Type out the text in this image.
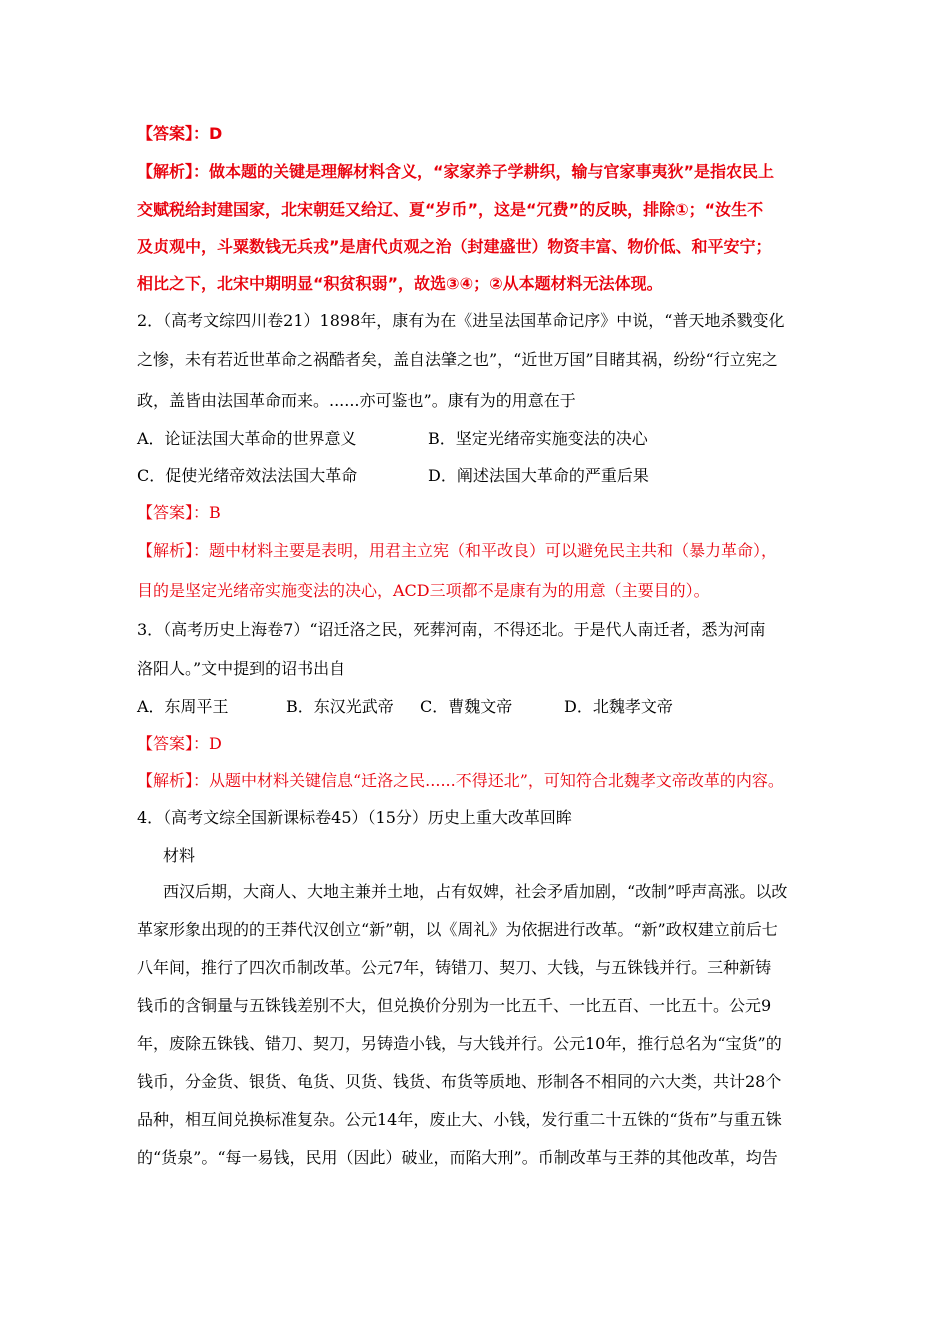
【答案】：D
【解析】：做本题的关键是理解材料含义，“家家养子学耕织，输与官家事夷狄”是指农民上
交赋税给封建国家，北宋朝廷又给辽、夏“岁币”，这是“冗费”的反映，排除①；“汝生不
及贞观中，斗粟数钱无兵戎”是唐代贞观之治（封建盛世）物资丰富、物价低、和平安宁；
相比之下，北宋中期明显“积贫积弱”，故选③④；②从本题材料无法体现。
2．（高考文综四川卷21）1898年，康有为在《进呈法国革命记序》中说，“普天地杀戮变化
之惨，未有若近世革命之祸酷者矣，盖自法肇之也”，“近世万国”目睹其祸，纷纷“行立宪之
政，盖皆由法国革命而来。......亦可鉴也”。康有为的用意在于
A．论证法国大革命的世界意义	B．坚定光绪帝实施变法的决心
C．促使光绪帝效法法国大革命	D．阐述法国大革命的严重后果
【答案】：B
【解析】：题中材料主要是表明，用君主立宪（和平改良）可以避免民主共和（暴力革命），
目的是坚定光绪帝实施变法的决心，ACD三项都不是康有为的用意（主要目的）。
3．（高考历史上海卷7）“诏迁洛之民，死葬河南，不得还北。于是代人南迁者，悉为河南
洛阳人。”文中提到的诏书出自
A．东周平王	B．东汉光武帝 C．曹魏文帝	D．北魏孝文帝
【答案】：D
【解析】：从题中材料关键信息“迁洛之民......不得还北”，可知符合北魏孝文帝改革的内容。
4．（高考文综全国新课标卷45）（15分）历史上重大改革回眸
材料
西汉后期，大商人、大地主兼并土地，占有奴婢，社会矛盾加剧，“改制”呼声高涨。以改
革家形象出现的的王莽代汉创立“新”朝，以《周礼》为依据进行改革。“新”政权建立前后七
八年间，推行了四次币制改革。公元7年，铸错刀、契刀、大钱，与五铢钱并行。三种新铸
钱币的含铜量与五铢钱差别不大，但兑换价分别为一比五千、一比五百、一比五十。公元9
年，废除五铢钱、错刀、契刀，另铸造小钱，与大钱并行。公元10年，推行总名为“宝货”的
钱币，分金货、银货、龟货、贝货、钱货、布货等质地、形制各不相同的六大类，共计28个
品种，相互间兑换标准复杂。公元14年，废止大、小钱，发行重二十五铢的“货布”与重五铢
的“货泉”。“每一易钱，民用（因此）破业，而陷大刑”。币制改革与王莽的其他改革，均告
